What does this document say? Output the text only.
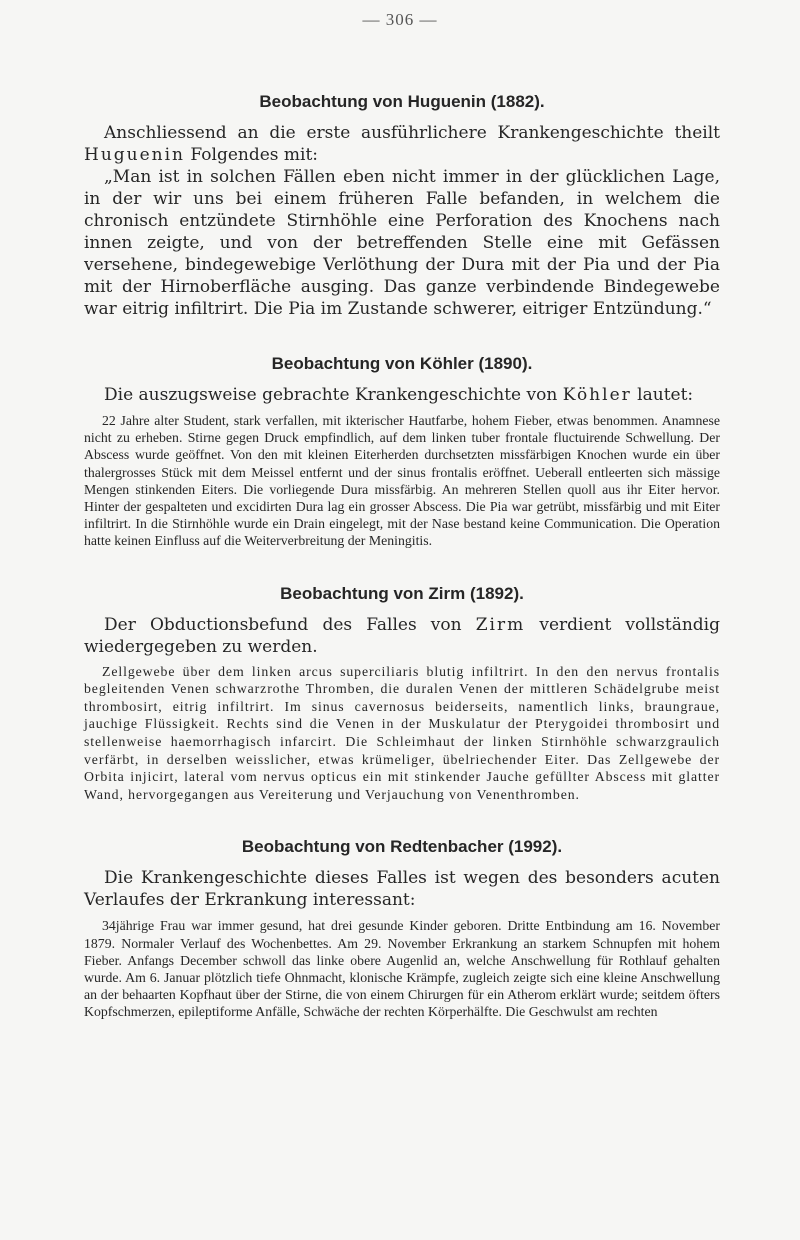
— 306 —
Beobachtung von Huguenin (1882).

Anschliessend an die erste ausführlichere Krankengeschichte theilt Huguenin Folgendes mit:

„Man ist in solchen Fällen eben nicht immer in der glücklichen Lage, in der wir uns bei einem früheren Falle befanden, in welchem die chronisch entzündete Stirnhöhle eine Perforation des Knochens nach innen zeigte, und von der betreffenden Stelle eine mit Gefässen versehene, bindegewebige Verlöthung der Dura mit der Pia und der Pia mit der Hirnoberfläche ausging. Das ganze verbindende Bindegewebe war eitrig infiltrirt. Die Pia im Zustande schwerer, eitriger Entzündung.“

Beobachtung von Köhler (1890).

Die auszugsweise gebrachte Krankengeschichte von Köhler lautet:

22 Jahre alter Student, stark verfallen, mit ikterischer Hautfarbe, hohem Fieber, etwas benommen. Anamnese nicht zu erheben. Stirne gegen Druck empfindlich, auf dem linken tuber frontale fluctuirende Schwellung. Der Abscess wurde geöffnet. Von den mit kleinen Eiterherden durchsetzten missfärbigen Knochen wurde ein über thalergrosses Stück mit dem Meissel entfernt und der sinus frontalis eröffnet. Ueberall entleerten sich mässige Mengen stinkenden Eiters. Die vorliegende Dura missfärbig. An mehreren Stellen quoll aus ihr Eiter hervor. Hinter der gespalteten und excidirten Dura lag ein grosser Abscess. Die Pia war getrübt, missfärbig und mit Eiter infiltrirt. In die Stirnhöhle wurde ein Drain eingelegt, mit der Nase bestand keine Communication. Die Operation hatte keinen Einfluss auf die Weiterverbreitung der Meningitis.

Beobachtung von Zirm (1892).

Der Obductionsbefund des Falles von Zirm verdient vollständig wiedergegeben zu werden.

Zellgewebe über dem linken arcus superciliaris blutig infiltrirt. In den den nervus frontalis begleitenden Venen schwarzrothe Thromben, die duralen Venen der mittleren Schädelgrube meist thrombosirt, eitrig infiltrirt. Im sinus cavernosus beiderseits, namentlich links, braungraue, jauchige Flüssigkeit. Rechts sind die Venen in der Muskulatur der Pterygoidei thrombosirt und stellenweise haemorrhagisch infarcirt. Die Schleimhaut der linken Stirnhöhle schwarzgraulich verfärbt, in derselben weisslicher, etwas krümeliger, übelriechender Eiter. Das Zellgewebe der Orbita injicirt, lateral vom nervus opticus ein mit stinkender Jauche gefüllter Abscess mit glatter Wand, hervorgegangen aus Vereiterung und Verjauchung von Venenthromben.

Beobachtung von Redtenbacher (1992).

Die Krankengeschichte dieses Falles ist wegen des besonders acuten Verlaufes der Erkrankung interessant:

34jährige Frau war immer gesund, hat drei gesunde Kinder geboren. Dritte Entbindung am 16. November 1879. Normaler Verlauf des Wochenbettes. Am 29. November Erkrankung an starkem Schnupfen mit hohem Fieber. Anfangs December schwoll das linke obere Augenlid an, welche Anschwellung für Rothlauf gehalten wurde. Am 6. Januar plötzlich tiefe Ohnmacht, klonische Krämpfe, zugleich zeigte sich eine kleine Anschwellung an der behaarten Kopfhaut über der Stirne, die von einem Chirurgen für ein Atherom erklärt wurde; seitdem öfters Kopfschmerzen, epileptiforme Anfälle, Schwäche der rechten Körperhälfte. Die Geschwulst am rechten
